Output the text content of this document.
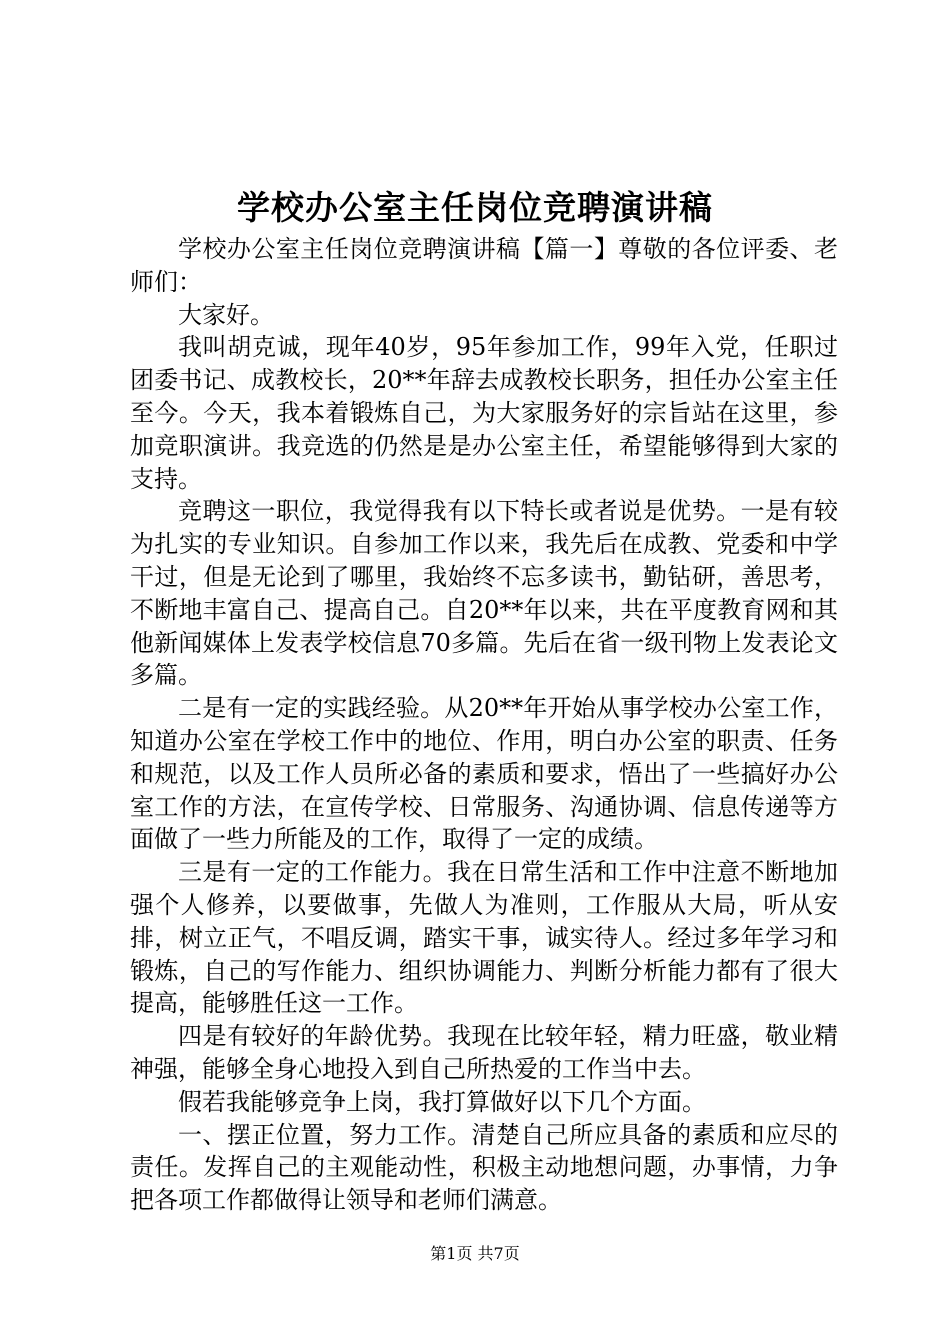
学校办公室主任岗位竞聘演讲稿

学校办公室主任岗位竞聘演讲稿【篇一】尊敬的各位评委、老师们：

大家好。

我叫胡克诚，现年40岁，95年参加工作，99年入党，任职过团委书记、成教校长，20**年辞去成教校长职务，担任办公室主任至今。今天，我本着锻炼自己，为大家服务好的宗旨站在这里，参加竞职演讲。我竞选的仍然是是办公室主任，希望能够得到大家的支持。

竞聘这一职位，我觉得我有以下特长或者说是优势。一是有较为扎实的专业知识。自参加工作以来，我先后在成教、党委和中学干过，但是无论到了哪里，我始终不忘多读书，勤钻研，善思考，不断地丰富自己、提高自己。自20**年以来，共在平度教育网和其他新闻媒体上发表学校信息70多篇。先后在省一级刊物上发表论文多篇。

二是有一定的实践经验。从20**年开始从事学校办公室工作，知道办公室在学校工作中的地位、作用，明白办公室的职责、任务和规范，以及工作人员所必备的素质和要求，悟出了一些搞好办公室工作的方法，在宣传学校、日常服务、沟通协调、信息传递等方面做了一些力所能及的工作，取得了一定的成绩。

三是有一定的工作能力。我在日常生活和工作中注意不断地加强个人修养，以要做事，先做人为准则，工作服从大局，听从安排，树立正气，不唱反调，踏实干事，诚实待人。经过多年学习和锻炼，自己的写作能力、组织协调能力、判断分析能力都有了很大提高，能够胜任这一工作。

四是有较好的年龄优势。我现在比较年轻，精力旺盛，敬业精神强，能够全身心地投入到自己所热爱的工作当中去。

假若我能够竞争上岗，我打算做好以下几个方面。

一、摆正位置，努力工作。清楚自己所应具备的素质和应尽的责任。发挥自己的主观能动性，积极主动地想问题，办事情，力争把各项工作都做得让领导和老师们满意。

第1页 共7页
